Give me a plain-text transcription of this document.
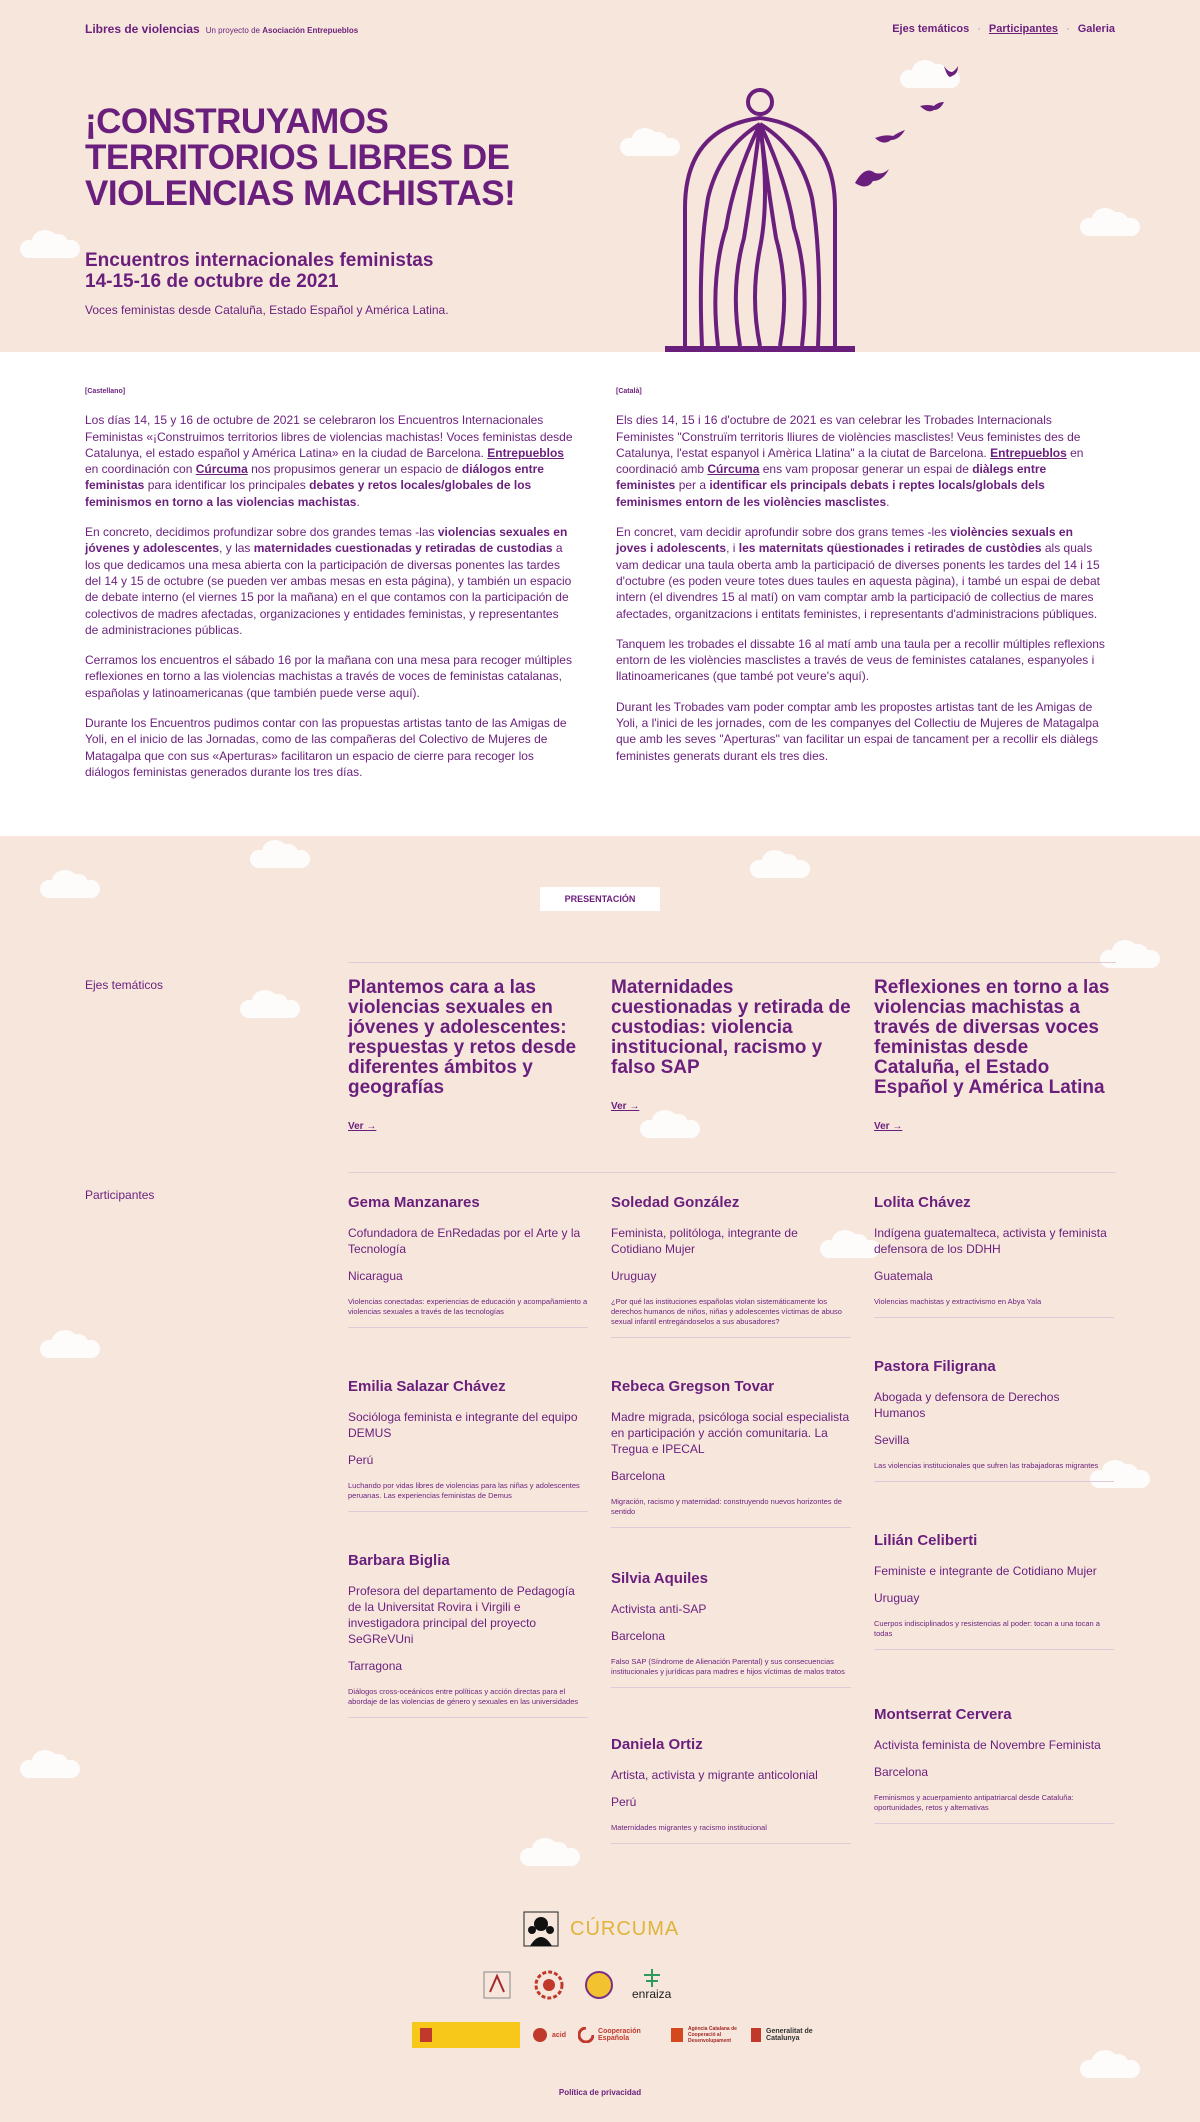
Libres de violencias Un proyecto de Asociación Entrepueblos	Ejes temáticos · Participantes · Galeria
¡CONSTRUYAMOS TERRITORIOS LIBRES DE VIOLENCIAS MACHISTAS!
Encuentros internacionales feministas
14-15-16 de octubre de 2021

Voces feministas desde Cataluña, Estado Español y América Latina.

[Castellano]

Los días 14, 15 y 16 de octubre de 2021 se celebraron los Encuentros Internacionales Feministas «¡Construimos territorios libres de violencias machistas! Voces feministas desde Catalunya, el estado español y América Latina» en la ciudad de Barcelona. Entrepueblos en coordinación con Cúrcuma nos propusimos generar un espacio de diálogos entre feministas para identificar los principales debates y retos locales/globales de los feminismos en torno a las violencias machistas.

En concreto, decidimos profundizar sobre dos grandes temas -las violencias sexuales en jóvenes y adolescentes, y las maternidades cuestionadas y retiradas de custodias a los que dedicamos una mesa abierta con la participación de diversas ponentes las tardes del 14 y 15 de octubre (se pueden ver ambas mesas en esta página), y también un espacio de debate interno (el viernes 15 por la mañana) en el que contamos con la participación de colectivos de madres afectadas, organizaciones y entidades feministas, y representantes de administraciones públicas.

Cerramos los encuentros el sábado 16 por la mañana con una mesa para recoger múltiples reflexiones en torno a las violencias machistas a través de voces de feministas catalanas, españolas y latinoamericanas (que también puede verse aquí).

Durante los Encuentros pudimos contar con las propuestas artistas tanto de las Amigas de Yoli, en el inicio de las Jornadas, como de las compañeras del Colectivo de Mujeres de Matagalpa que con sus «Aperturas» facilitaron un espacio de cierre para recoger los diálogos feministas generados durante los tres días.

[Català]

Els dies 14, 15 i 16 d'octubre de 2021 es van celebrar les Trobades Internacionals Feministes "Construïm territoris lliures de violències masclistes! Veus feministes des de Catalunya, l'estat espanyol i Amèrica Llatina" a la ciutat de Barcelona. Entrepueblos en coordinació amb Cúrcuma ens vam proposar generar un espai de diàlegs entre feministes per a identificar els principals debats i reptes locals/globals dels feminismes entorn de les violències masclistes.

En concret, vam decidir aprofundir sobre dos grans temes -les violències sexuals en joves i adolescents, i les maternitats qüestionades i retirades de custòdies als quals vam dedicar una taula oberta amb la participació de diverses ponents les tardes del 14 i 15 d'octubre (es poden veure totes dues taules en aquesta pàgina), i també un espai de debat intern (el divendres 15 al matí) on vam comptar amb la participació de collectius de mares afectades, organitzacions i entitats feministes, i representants d'administracions públiques.

Tanquem les trobades el dissabte 16 al matí amb una taula per a recollir múltiples reflexions entorn de les violències masclistes a través de veus de feministes catalanes, espanyoles i llatinoamericanes (que també pot veure's aquí).

Durant les Trobades vam poder comptar amb les propostes artistas tant de les Amigas de Yoli, a l'inici de les jornades, com de les companyes del Collectiu de Mujeres de Matagalpa que amb les seves "Aperturas" van facilitar un espai de tancament per a recollir els diàlegs feministes generats durant els tres dies.

PRESENTACIÓN
Ejes temáticos	Plantemos cara a las violencias sexuales en jóvenes y adolescentes: respuestas y retos desde diferentes ámbitos y geografías
Ver →
Maternidades cuestionadas y retirada de custodias: violencia institucional, racismo y falso SAP
Ver →
Reflexiones en torno a las violencias machistas a través de diversas voces feministas desde Cataluña, el Estado Español y América Latina
Ver →
Participantes	Gema Manzanares
Cofundadora de EnRedadas por el Arte y la Tecnología
Nicaragua
Violencias conectadas: experiencias de educación y acompañamiento a violencias sexuales a través de las tecnologías
Emilia Salazar Chávez
Socióloga feminista e integrante del equipo DEMUS
Perú
Luchando por vidas libres de violencias para las niñas y adolescentes peruanas. Las experiencias feministas de Demus
Barbara Biglia
Profesora del departamento de Pedagogía de la Universitat Rovira i Virgili e investigadora principal del proyecto SeGReVUni
Tarragona
Diálogos cross-oceánicos entre políticas y acción directas para el abordaje de las violencias de género y sexuales en las universidades
Soledad González
Feminista, politóloga, integrante de Cotidiano Mujer
Uruguay
¿Por qué las instituciones españolas violan sistemáticamente los derechos humanos de niños, niñas y adolescentes víctimas de abuso sexual infantil entregándoselos a sus abusadores?
Rebeca Gregson Tovar
Madre migrada, psicóloga social especialista en participación y acción comunitaria. La Tregua e IPECAL
Barcelona
Migración, racismo y maternidad: construyendo nuevos horizontes de sentido
Silvia Aquiles
Activista anti-SAP
Barcelona
Falso SAP (Síndrome de Alienación Parental) y sus consecuencias institucionales y jurídicas para madres e hijos víctimas de malos tratos
Daniela Ortiz
Artista, activista y migrante anticolonial
Perú
Maternidades migrantes y racismo institucional
Lolita Chávez
Indígena guatemalteca, activista y feminista defensora de los DDHH
Guatemala
Violencias machistas y extractivismo en Abya Yala
Pastora Filigrana
Abogada y defensora de Derechos Humanos
Sevilla
Las violencias institucionales que sufren las trabajadoras migrantes
Lilián Celiberti
Feministe e integrante de Cotidiano Mujer
Uruguay
Cuerpos indisciplinados y resistencias al poder: tocan a una tocan a todas
Montserrat Cervera
Activista feminista de Novembre Feminista
Barcelona
Feminismos y acuerpamiento antipatriarcal desde Cataluña: oportunidades, retos y alternativas
CÚRCUMA
enraiza
acid	Cooperación Española
Agència Catalana de Cooperació al Desenvolupament
Generalitat de Catalunya
Política de privacidad
